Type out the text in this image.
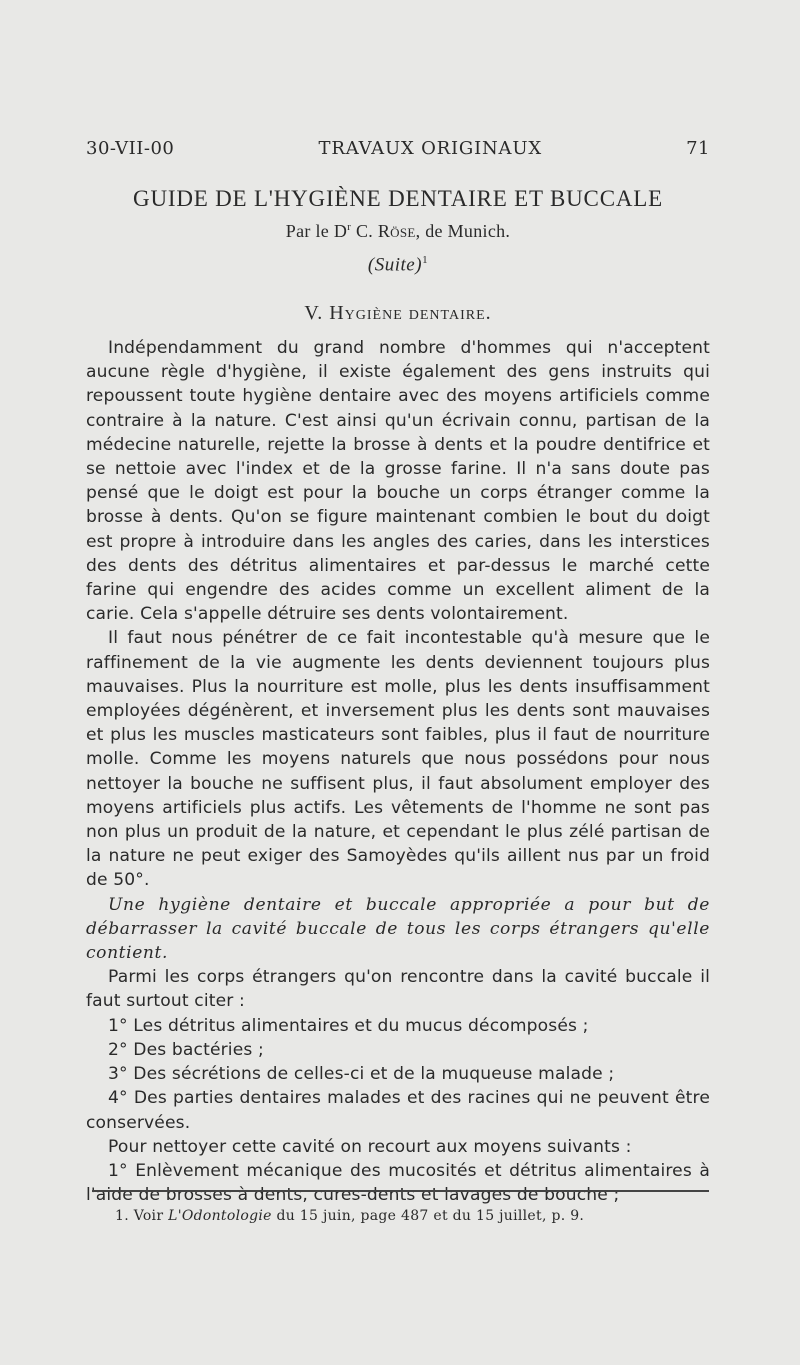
30-VII-00	TRAVAUX ORIGINAUX	71
GUIDE DE L'HYGIÈNE DENTAIRE ET BUCCALE
Par le $D^r$ C. Röse, de Munich.
(Suite)$^1$
V. Hygiène dentaire.

Indépendamment du grand nombre d'hommes qui n'acceptent aucune règle d'hygiène, il existe également des gens instruits qui repoussent toute hygiène dentaire avec des moyens artificiels comme contraire à la nature. C'est ainsi qu'un écrivain connu, partisan de la médecine naturelle, rejette la brosse à dents et la poudre dentifrice et se nettoie avec l'index et de la grosse farine. Il n'a sans doute pas pensé que le doigt est pour la bouche un corps étranger comme la brosse à dents. Qu'on se figure maintenant combien le bout du doigt est propre à introduire dans les angles des caries, dans les interstices des dents des détritus alimentaires et par-dessus le marché cette farine qui engendre des acides comme un excellent aliment de la carie. Cela s'appelle détruire ses dents volontairement.

Il faut nous pénétrer de ce fait incontestable qu'à mesure que le raffinement de la vie augmente les dents deviennent toujours plus mauvaises. Plus la nourriture est molle, plus les dents insuffisamment employées dégénèrent, et inversement plus les dents sont mauvaises et plus les muscles masticateurs sont faibles, plus il faut de nourriture molle. Comme les moyens naturels que nous possédons pour nous nettoyer la bouche ne suffisent plus, il faut absolument employer des moyens artificiels plus actifs. Les vêtements de l'homme ne sont pas non plus un produit de la nature, et cependant le plus zélé partisan de la nature ne peut exiger des Samoyèdes qu'ils aillent nus par un froid de 50°.

Une hygiène dentaire et buccale appropriée a pour but de débarrasser la cavité buccale de tous les corps étrangers qu'elle contient.

Parmi les corps étrangers qu'on rencontre dans la cavité buccale il faut surtout citer :

1° Les détritus alimentaires et du mucus décomposés ;

2° Des bactéries ;

3° Des sécrétions de celles-ci et de la muqueuse malade ;

4° Des parties dentaires malades et des racines qui ne peuvent être conservées.

Pour nettoyer cette cavité on recourt aux moyens suivants :

1° Enlèvement mécanique des mucosités et détritus alimentaires à l'aide de brosses à dents, cures-dents et lavages de bouche ;

1. Voir L'Odontologie du 15 juin, page 487 et du 15 juillet, p. 9.
